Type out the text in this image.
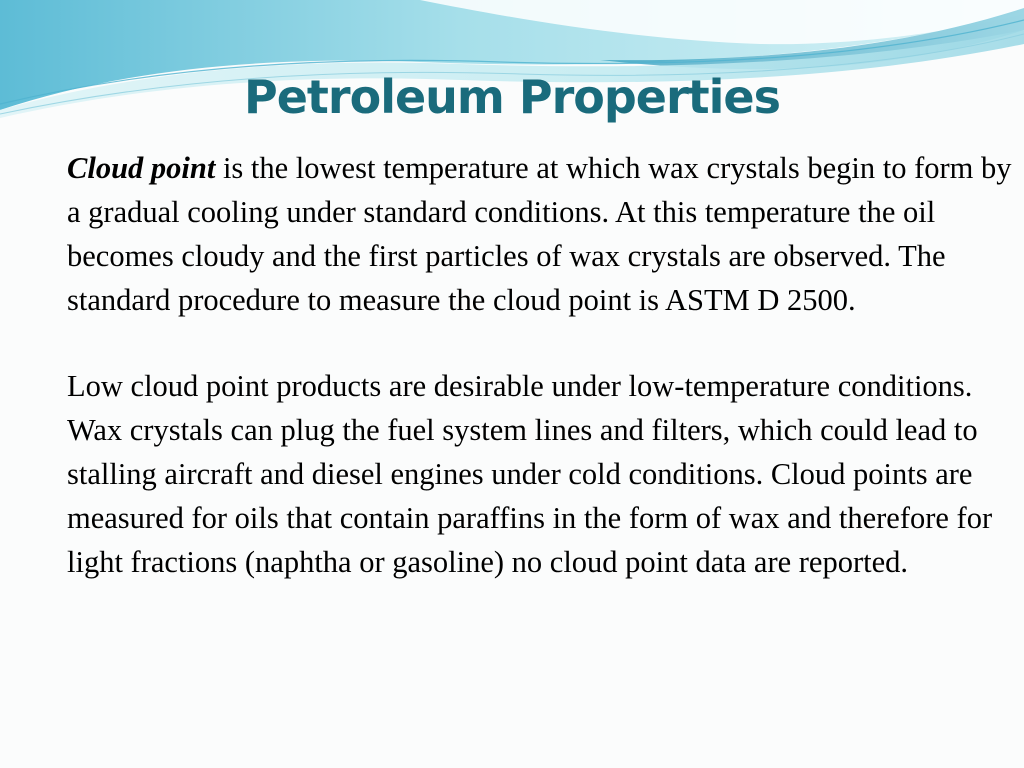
Petroleum Properties

Cloud point is the lowest temperature at which wax crystals begin to form by a gradual cooling under standard conditions. At this temperature the oil becomes cloudy and the first particles of wax crystals are observed. The standard procedure to measure the cloud point is ASTM D 2500.

Low cloud point products are desirable under low-temperature conditions. Wax crystals can plug the fuel system lines and filters, which could lead to stalling aircraft and diesel engines under cold conditions. Cloud points are measured for oils that contain paraffins in the form of wax and therefore for light fractions (naphtha or gasoline) no cloud point data are reported.
